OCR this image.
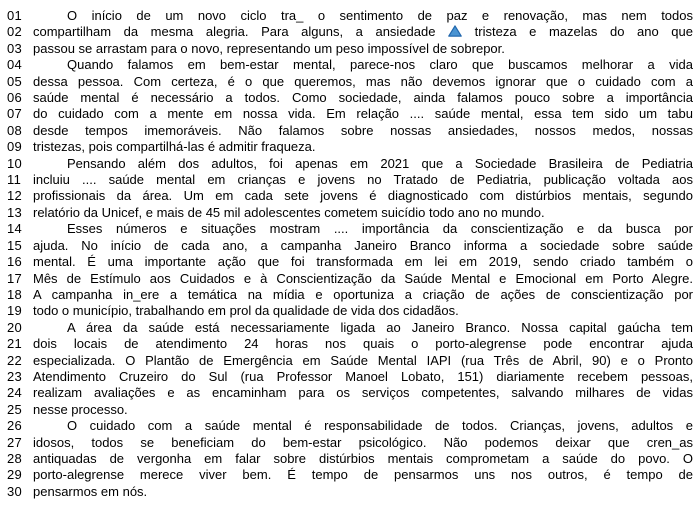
01	O início de um novo ciclo tra_ o sentimento de paz e renovação, mas nem todos
02 compartilham da mesma alegria. Para alguns, a ansiedade	tristeza e mazelas do ano que
03 passou se arrastam para o novo, representando um peso impossível de sobrepor.
04	Quando falamos em bem-estar mental, parece-nos claro que buscamos melhorar a vida
05 dessa pessoa. Com certeza, é o que queremos, mas não devemos ignorar que o cuidado com a
06 saúde mental é necessário a todos. Como sociedade, ainda falamos pouco sobre a importância
07 do cuidado com a mente em nossa vida. Em relação .... saúde mental, essa tem sido um tabu
08 desde tempos imemoráveis. Não falamos sobre nossas ansiedades, nossos medos, nossas
09 tristezas, pois compartilhá-las é admitir fraqueza.
10	Pensando além dos adultos, foi apenas em 2021 que a Sociedade Brasileira de Pediatria
11 incluiu .... saúde mental em crianças e jovens no Tratado de Pediatria, publicação voltada aos
12 profissionais da área. Um em cada sete jovens é diagnosticado com distúrbios mentais, segundo
13 relatório da Unicef, e mais de 45 mil adolescentes cometem suicídio todo ano no mundo.
14	Esses números e situações mostram .... importância da conscientização e da busca por
15 ajuda. No início de cada ano, a campanha Janeiro Branco informa a sociedade sobre saúde
16 mental. É uma importante ação que foi transformada em lei em 2019, sendo criado também o
17 Mês de Estímulo aos Cuidados e à Conscientização da Saúde Mental e Emocional em Porto Alegre.
18 A campanha in_ere a temática na mídia e oportuniza a criação de ações de conscientização por
19 todo o município, trabalhando em prol da qualidade de vida dos cidadãos.
20	A área da saúde está necessariamente ligada ao Janeiro Branco. Nossa capital gaúcha tem
21 dois locais de atendimento 24 horas nos quais o porto-alegrense pode encontrar ajuda
22 especializada. O Plantão de Emergência em Saúde Mental IAPI (rua Três de Abril, 90) e o Pronto
23 Atendimento Cruzeiro do Sul (rua Professor Manoel Lobato, 151) diariamente recebem pessoas,
24 realizam avaliações e as encaminham para os serviços competentes, salvando milhares de vidas
25 nesse processo.
26	O cuidado com a saúde mental é responsabilidade de todos. Crianças, jovens, adultos e
27 idosos, todos se beneficiam do bem-estar psicológico. Não podemos deixar que cren_as
28 antiquadas de vergonha em falar sobre distúrbios mentais comprometam a saúde do povo. O
29 porto-alegrense merece viver bem. É tempo de pensarmos uns nos outros, é tempo de
30 pensarmos em nós.
